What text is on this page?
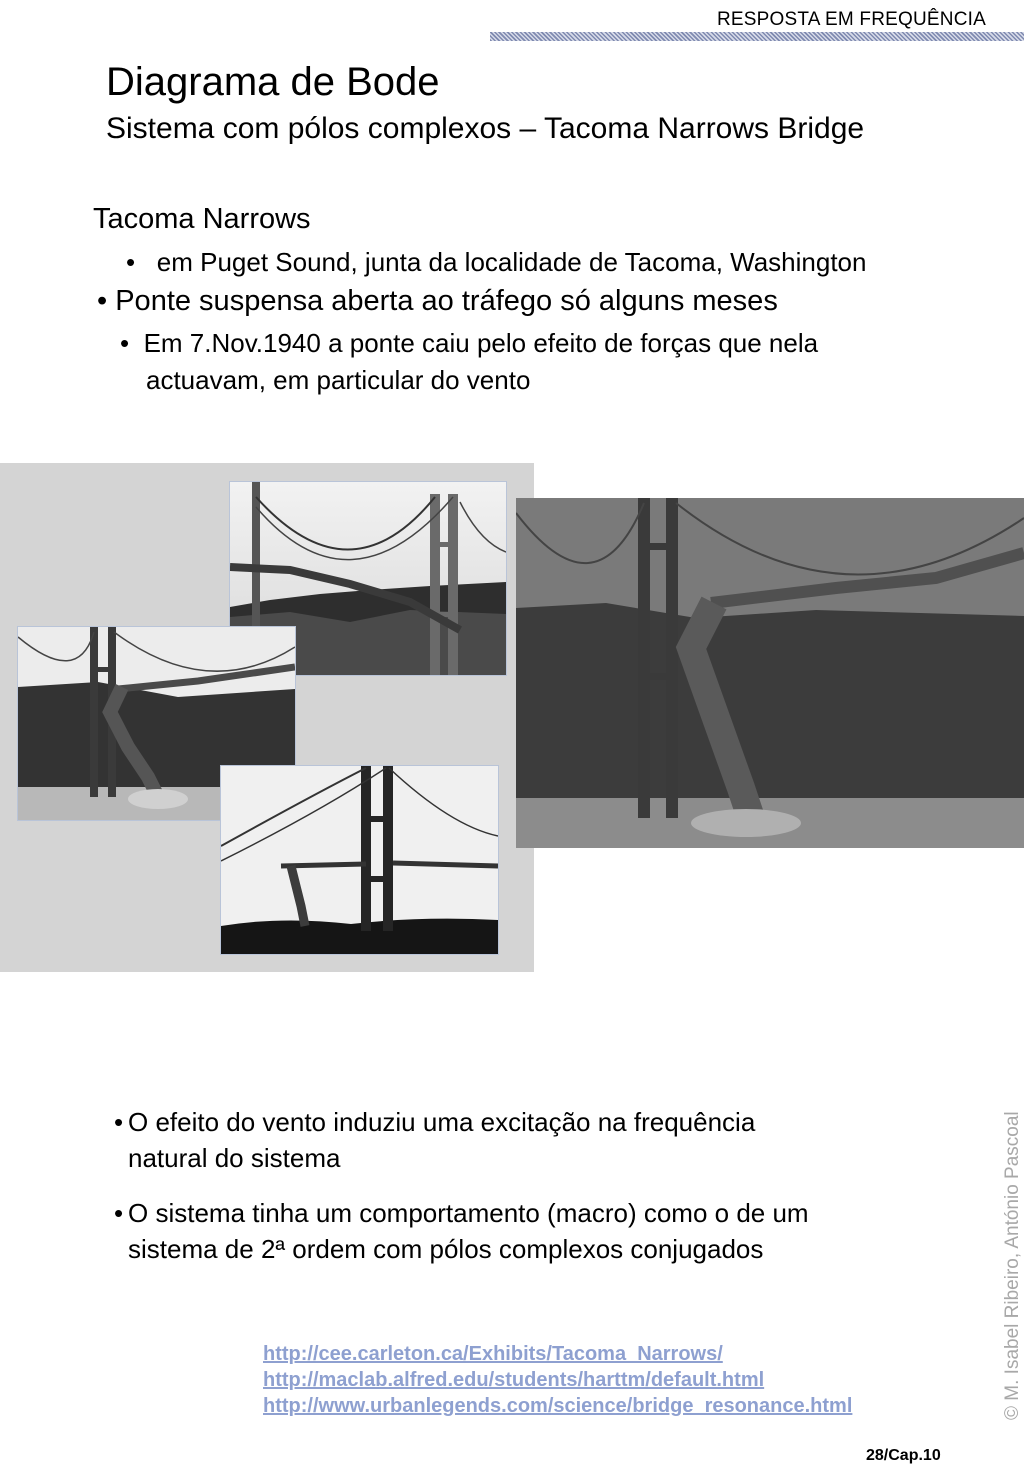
RESPOSTA EM FREQUÊNCIA
Diagrama de Bode
Sistema com pólos complexos – Tacoma Narrows Bridge
Tacoma Narrows
• em Puget Sound, junta da localidade de Tacoma, Washington
• Ponte suspensa aberta ao tráfego só alguns meses
• Em 7.Nov.1940 a ponte caiu pelo efeito de forças que nela
actuavam, em particular do vento
• O efeito do vento induziu uma excitação na frequência
natural do sistema
• O sistema tinha um comportamento (macro) como o de um
sistema de 2ª ordem com pólos complexos conjugados
http://cee.carleton.ca/Exhibits/Tacoma_Narrows/
http://maclab.alfred.edu/students/harttm/default.html
http://www.urbanlegends.com/science/bridge_resonance.html	© M. Isabel Ribeiro, António Pascoal
28/Cap.10
